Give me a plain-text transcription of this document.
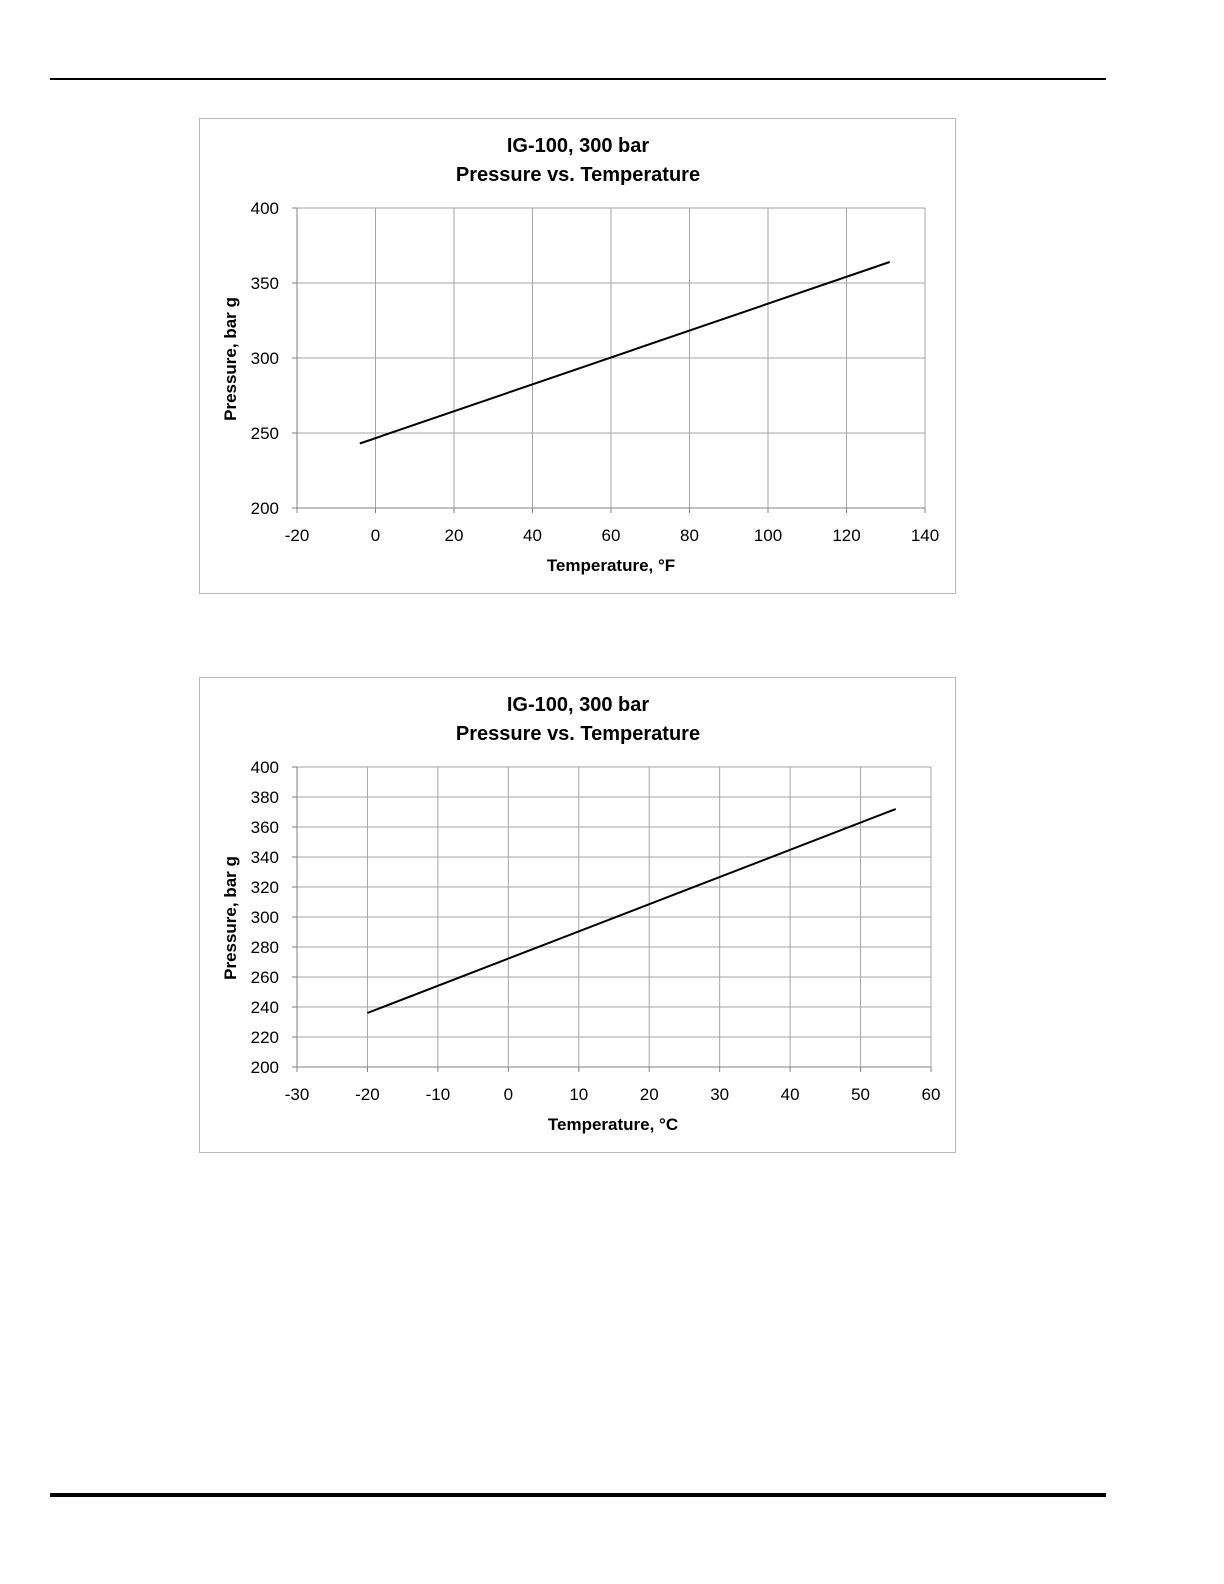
IG-100, 300 bar
Pressure vs. Temperature
200
250
300
350
400
-20	0	20	40	60	80	100	120	140
Temperature, °F
Pressure, bar g
IG-100, 300 bar
Pressure vs. Temperature
200
220
240
260
280
300
320
340
360
380
400
-30	-20	-10	0	10	20	30	40	50	60
Temperature, °C
Pressure, bar g
